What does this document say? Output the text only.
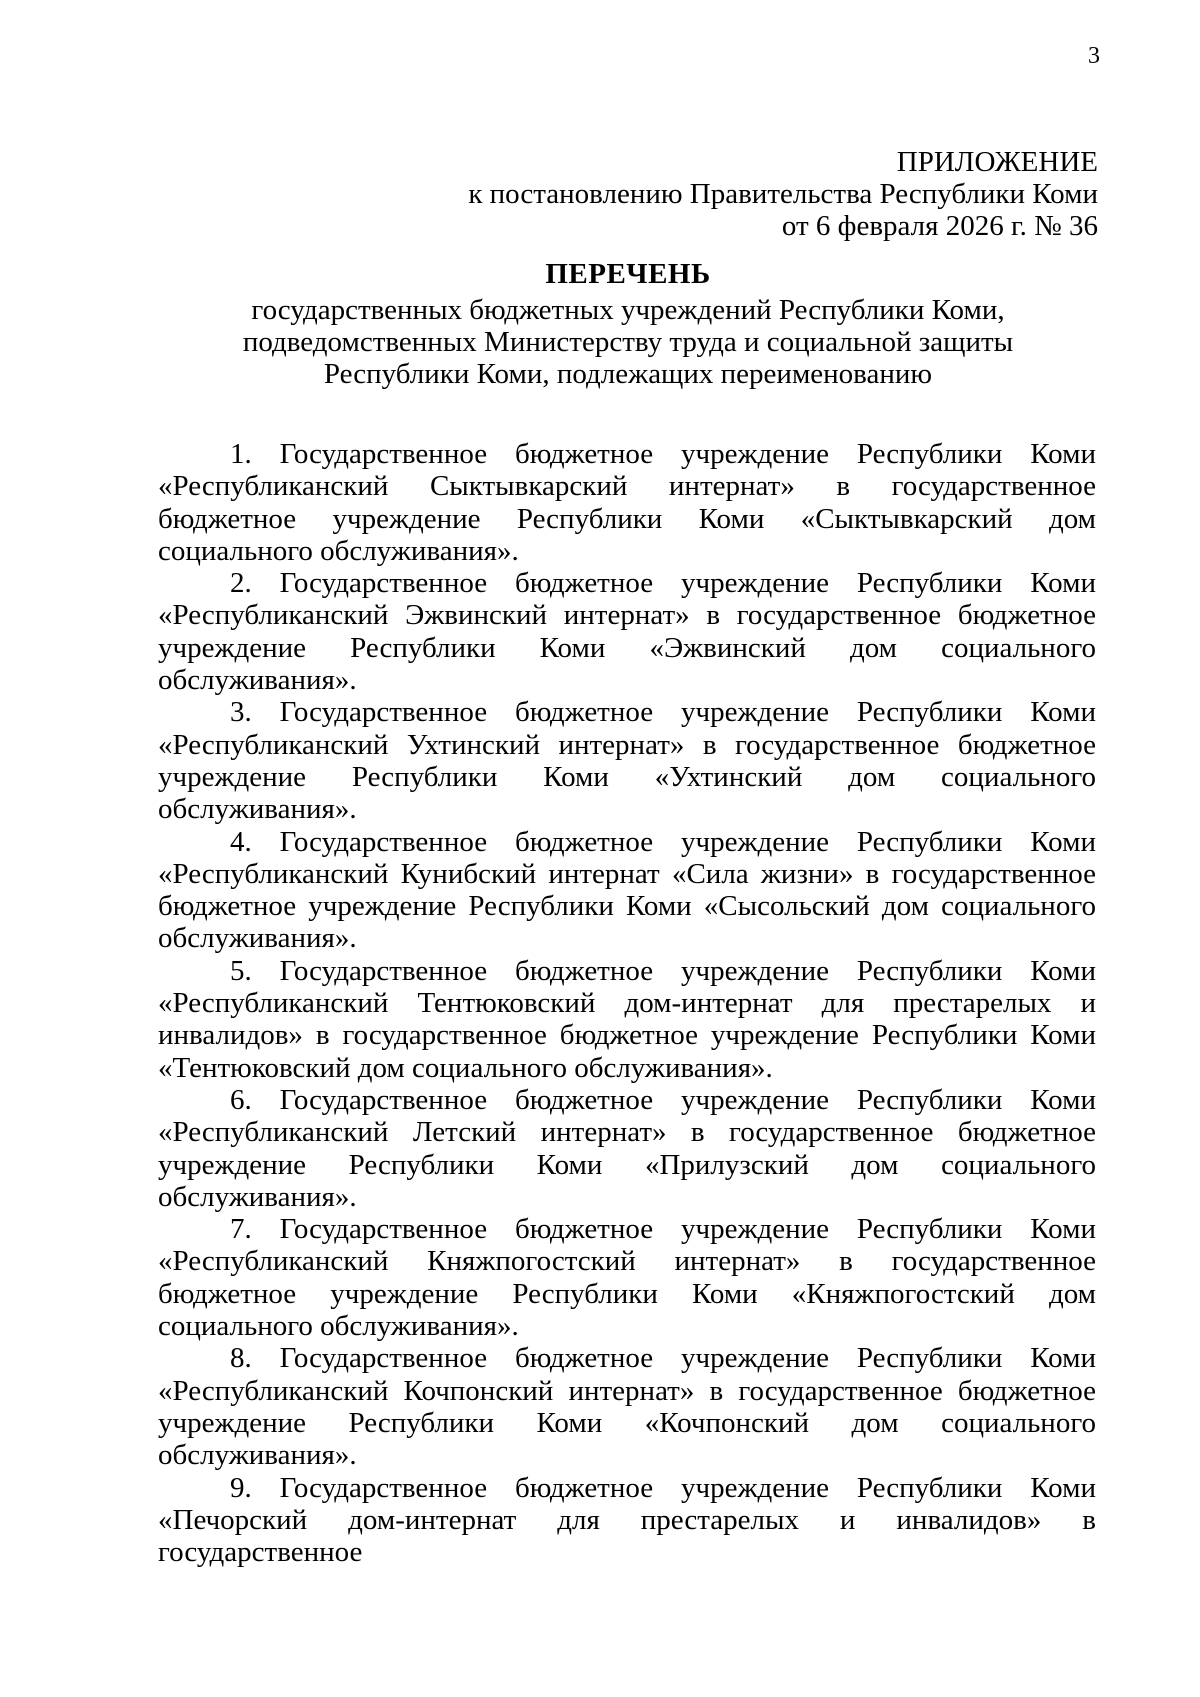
3
ПРИЛОЖЕНИЕ
к постановлению Правительства Республики Коми
от 6 февраля 2026 г. № 36
ПЕРЕЧЕНЬ
государственных бюджетных учреждений Республики Коми,
подведомственных Министерству труда и социальной защиты
Республики Коми, подлежащих переименованию

1. Государственное бюджетное учреждение Республики Коми «Республиканский Сыктывкарский интернат» в государственное бюджетное учреждение Республики Коми «Сыктывкарский дом социального обслуживания».

2. Государственное бюджетное учреждение Республики Коми «Республиканский Эжвинский интернат» в государственное бюджетное учреждение Республики Коми «Эжвинский дом социального обслуживания».

3. Государственное бюджетное учреждение Республики Коми «Республиканский Ухтинский интернат» в государственное бюджетное учреждение Республики Коми «Ухтинский дом социального обслуживания».

4. Государственное бюджетное учреждение Республики Коми «Республиканский Кунибский интернат «Сила жизни» в государственное бюджетное учреждение Республики Коми «Сысольский дом социального обслуживания».

5. Государственное бюджетное учреждение Республики Коми «Республиканский Тентюковский дом-интернат для престарелых и инвалидов» в государственное бюджетное учреждение Республики Коми «Тентюковский дом социального обслуживания».

6. Государственное бюджетное учреждение Республики Коми «Республиканский Летский интернат» в государственное бюджетное учреждение Республики Коми «Прилузский дом социального обслуживания».

7. Государственное бюджетное учреждение Республики Коми «Республиканский Княжпогостский интернат» в государственное бюджетное учреждение Республики Коми «Княжпогостский дом социального обслуживания».

8. Государственное бюджетное учреждение Республики Коми «Республиканский Кочпонский интернат» в государственное бюджетное учреждение Республики Коми «Кочпонский дом социального обслуживания».

9. Государственное бюджетное учреждение Республики Коми «Печорский дом-интернат для престарелых и инвалидов» в государственное
